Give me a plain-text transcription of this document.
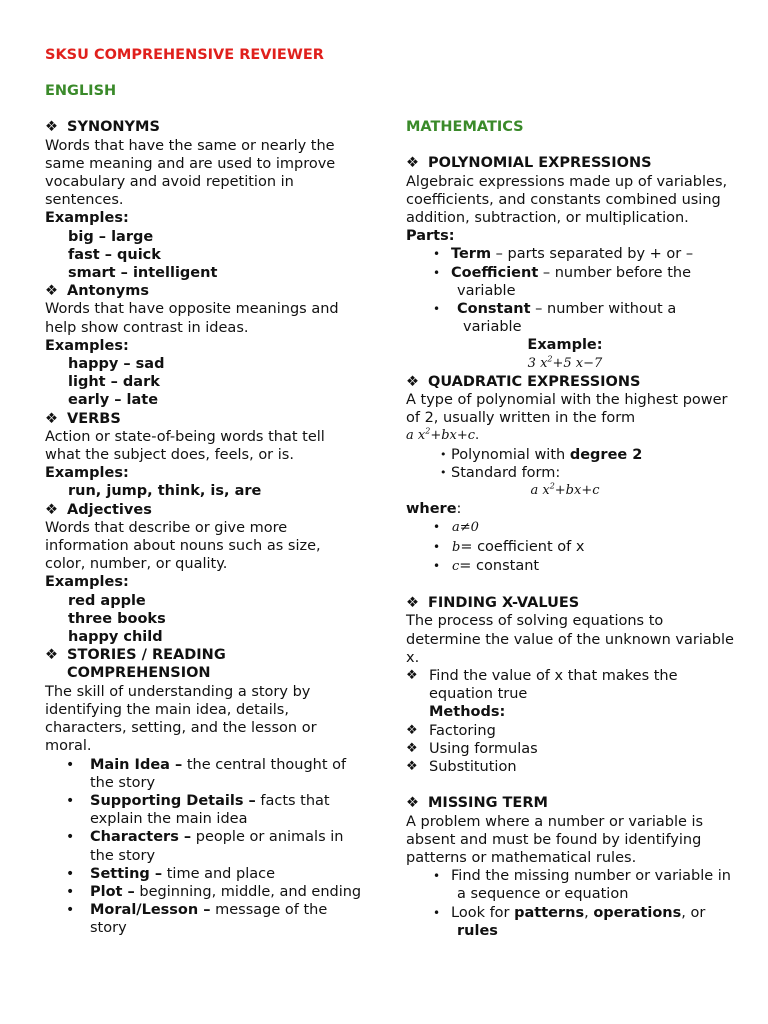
SKSU COMPREHENSIVE REVIEWER

ENGLISH

❖ SYNONYMS

Words that have the same or nearly the same meaning and are used to improve vocabulary and avoid repetition in sentences.

Examples:

big – large

fast – quick

smart – intelligent

❖ Antonyms

Words that have opposite meanings and help show contrast in ideas.

Examples:

happy – sad

light – dark

early – late

❖ VERBS

Action or state-of-being words that tell what the subject does, feels, or is.

Examples:

run, jump, think, is, are

❖ Adjectives

Words that describe or give more information about nouns such as size, color, number, or quality.

Examples:

red apple

three books

happy child

❖ STORIES / READING COMPREHENSION

The skill of understanding a story by identifying the main idea, details, characters, setting, and the lesson or moral.

• Main Idea – the central thought of the story
• Supporting Details – facts that explain the main idea
• Characters – people or animals in the story
• Setting – time and place
• Plot – beginning, middle, and ending
• Moral/Lesson – message of the story

MATHEMATICS

❖ POLYNOMIAL EXPRESSIONS

Algebraic expressions made up of variables, coefficients, and constants combined using addition, subtraction, or multiplication.

Parts:

• Term – parts separated by + or –
• Coefficient – number before the variable
• Constant – number without a variable

Example:

3 $x^2+5$ x−7

❖ QUADRATIC EXPRESSIONS

A type of polynomial with the highest power of 2, usually written in the form

a $x^2+bx+c$.

• Polynomial with degree 2
• Standard form:

a $x^2+bx+c$

where:

• a≠0
• b= coefficient of x
• c= constant

❖ FINDING X-VALUES

The process of solving equations to determine the value of the unknown variable x.

❖ Find the value of x that makes the equation true

Methods:

❖ Factoring
❖ Using formulas
❖ Substitution

❖ MISSING TERM

A problem where a number or variable is absent and must be found by identifying patterns or mathematical rules.

• Find the missing number or variable in a sequence or equation
• Look for patterns, operations, or rules
